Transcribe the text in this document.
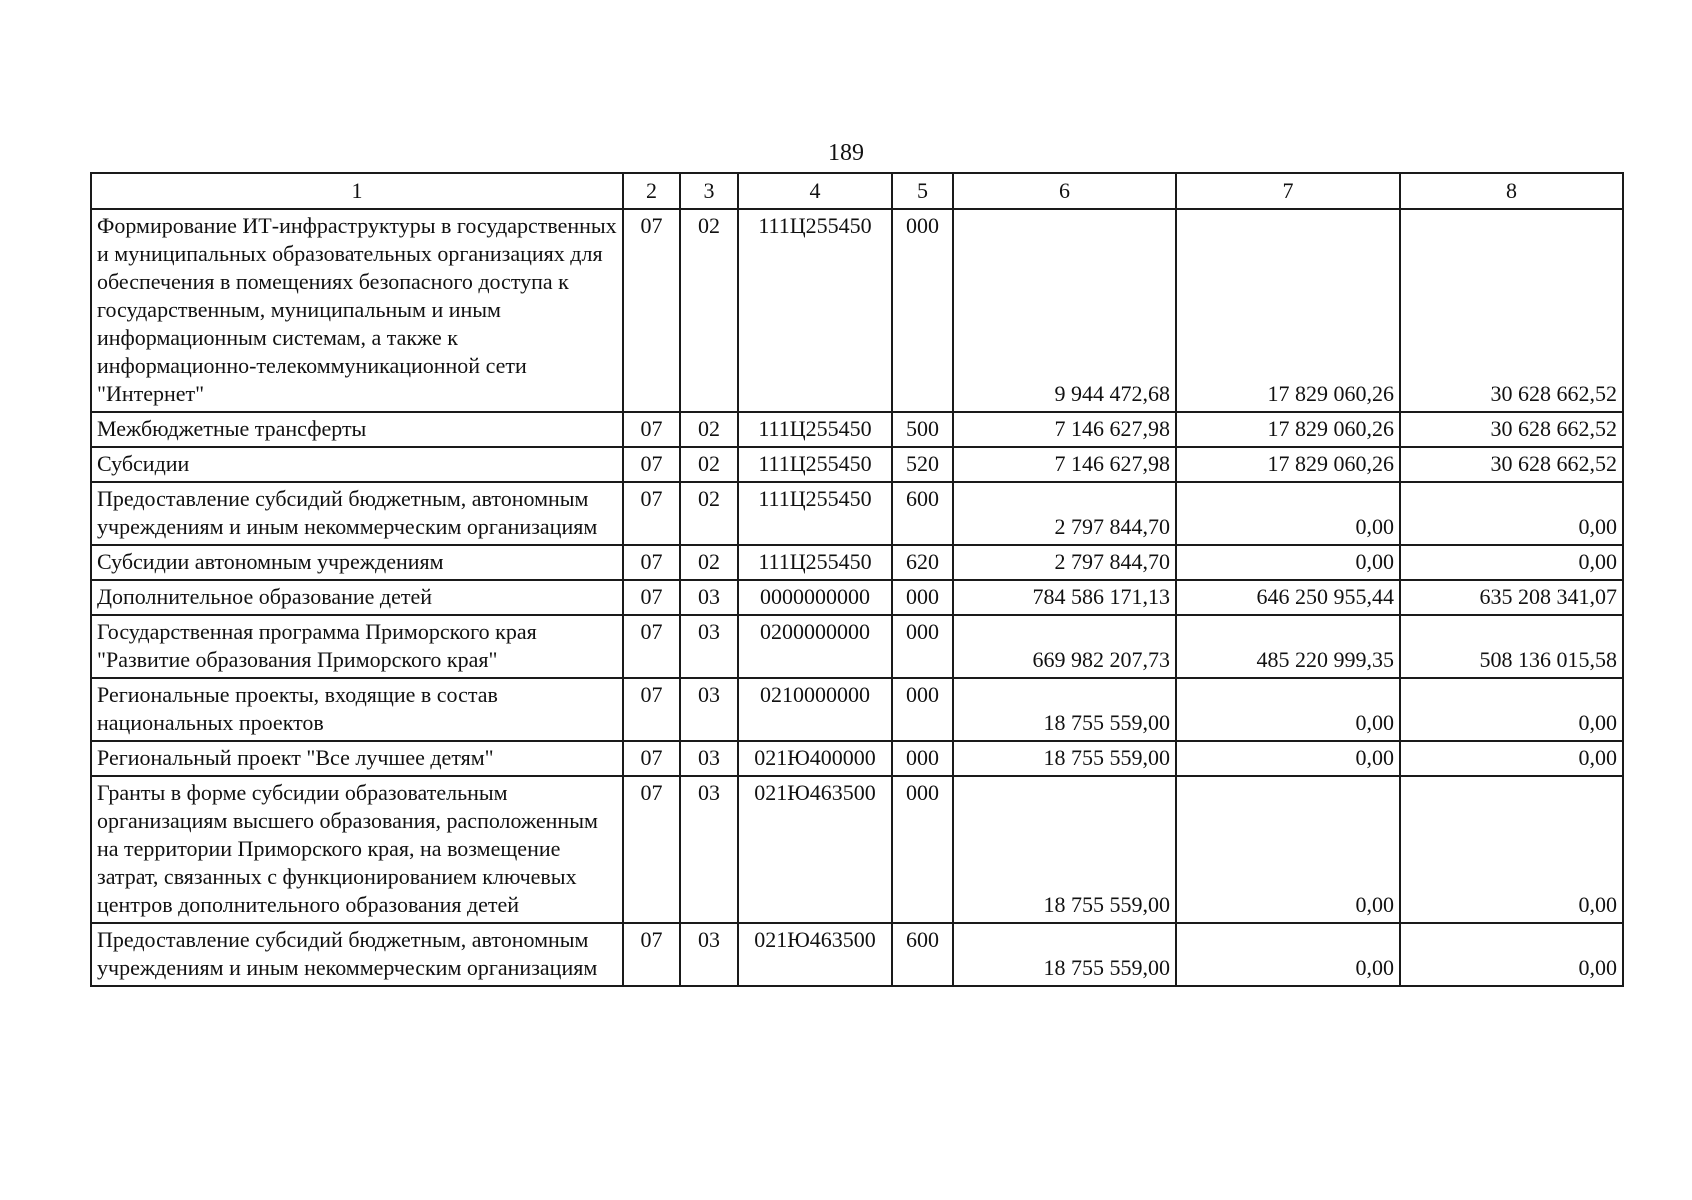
189
1	2	3	4	5	6	7	8
Формирование ИТ-инфраструктуры в государственных и муниципальных образовательных организациях для обеспечения в помещениях безопасного доступа к государственным, муниципальным и иным информационным системам, а также к информационно-телекоммуникационной сети "Интернет"	07	02	111Ц255450	000	9 944 472,68	17 829 060,26	30 628 662,52
Межбюджетные трансферты	07	02	111Ц255450	500	7 146 627,98	17 829 060,26	30 628 662,52
Субсидии	07	02	111Ц255450	520	7 146 627,98	17 829 060,26	30 628 662,52
Предоставление субсидий бюджетным, автономным учреждениям и иным некоммерческим организациям	07	02	111Ц255450	600	2 797 844,70	0,00	0,00
Субсидии автономным учреждениям	07	02	111Ц255450	620	2 797 844,70	0,00	0,00
Дополнительное образование детей	07	03	0000000000	000	784 586 171,13	646 250 955,44	635 208 341,07
Государственная программа Приморского края "Развитие образования Приморского края"	07	03	0200000000	000	669 982 207,73	485 220 999,35	508 136 015,58
Региональные проекты, входящие в состав национальных проектов	07	03	0210000000	000	18 755 559,00	0,00	0,00
Региональный проект "Все лучшее детям"	07	03	021Ю400000	000	18 755 559,00	0,00	0,00
Гранты в форме субсидии образовательным организациям высшего образования, расположенным на территории Приморского края, на возмещение затрат, связанных с функционированием ключевых центров дополнительного образования детей	07	03	021Ю463500	000	18 755 559,00	0,00	0,00
Предоставление субсидий бюджетным, автономным учреждениям и иным некоммерческим организациям	07	03	021Ю463500	600	18 755 559,00	0,00	0,00
